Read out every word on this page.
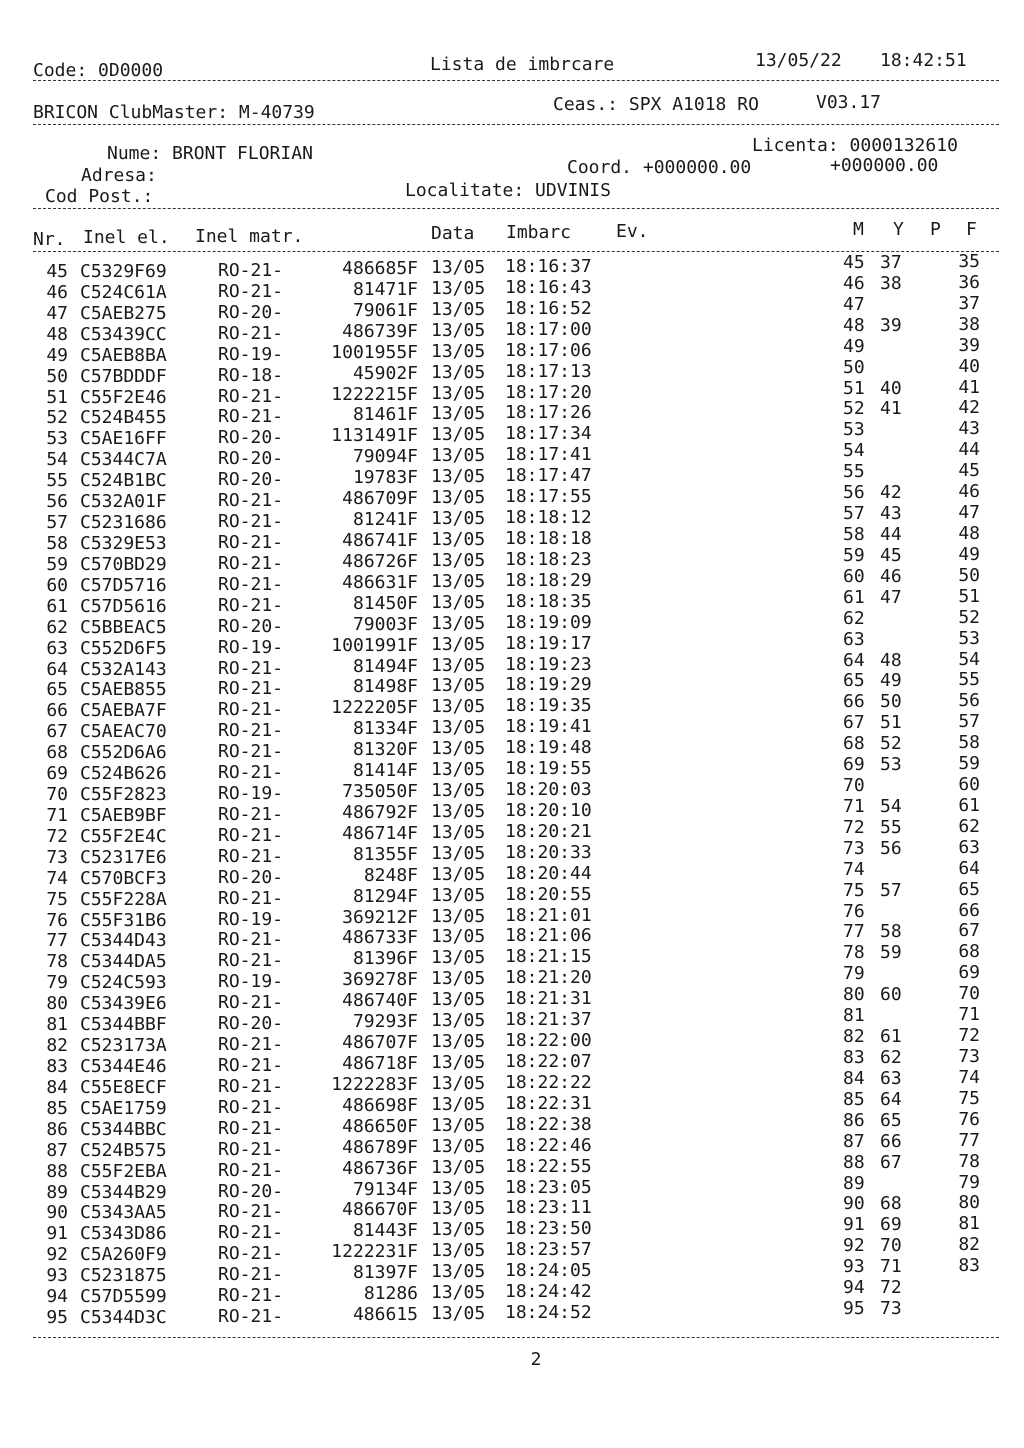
Code: 0D0000	Lista de imbrcare	13/05/22 18:42:51
BRICON ClubMaster: M-40739	Ceas.: SPX A1018 RO	V03.17
Nume: BRONT FLORIAN	Licenta: 0000132610
Adresa:	Coord. +000000.00	+000000.00
Cod Post.:	Localitate: UDVINIS
Nr. Inel el. Inel matr.	Data Imbarc Ev.	M Y P F
45 C5329F69	RO-21-	486685F 13/05 18:16:37	45 37	35
46 C524C61A	RO-21-	81471F 13/05 18:16:43	46 38	36
47 C5AEB275	RO-20-	79061F 13/05 18:16:52	47	37
48 C53439CC	RO-21-	486739F 13/05 18:17:00	48 39	38
49 C5AEB8BA	RO-19-	1001955F 13/05 18:17:06	49	39
50 C57BDDDF	RO-18-	45902F 13/05 18:17:13	50	40
51 C55F2E46	RO-21-	1222215F 13/05 18:17:20	51 40	41
52 C524B455	RO-21-	81461F 13/05 18:17:26	52 41	42
53 C5AE16FF	RO-20-	1131491F 13/05 18:17:34	53	43
54 C5344C7A	RO-20-	79094F 13/05 18:17:41	54	44
55 C524B1BC	RO-20-	19783F 13/05 18:17:47	55	45
56 C532A01F	RO-21-	486709F 13/05 18:17:55	56 42	46
57 C5231686	RO-21-	81241F 13/05 18:18:12	57 43	47
58 C5329E53	RO-21-	486741F 13/05 18:18:18	58 44	48
59 C570BD29	RO-21-	486726F 13/05 18:18:23	59 45	49
60 C57D5716	RO-21-	486631F 13/05 18:18:29	60 46	50
61 C57D5616	RO-21-	81450F 13/05 18:18:35	61 47	51
62 C5BBEAC5	RO-20-	79003F 13/05 18:19:09	62	52
63 C552D6F5	RO-19-	1001991F 13/05 18:19:17	63	53
64 C532A143	RO-21-	81494F 13/05 18:19:23	64 48	54
65 C5AEB855	RO-21-	81498F 13/05 18:19:29	65 49	55
66 C5AEBA7F	RO-21-	1222205F 13/05 18:19:35	66 50	56
67 C5AEAC70	RO-21-	81334F 13/05 18:19:41	67 51	57
68 C552D6A6	RO-21-	81320F 13/05 18:19:48	68 52	58
69 C524B626	RO-21-	81414F 13/05 18:19:55	69 53	59
70 C55F2823	RO-19-	735050F 13/05 18:20:03	70	60
71 C5AEB9BF	RO-21-	486792F 13/05 18:20:10	71 54	61
72 C55F2E4C	RO-21-	486714F 13/05 18:20:21	72 55	62
73 C52317E6	RO-21-	81355F 13/05 18:20:33	73 56	63
74 C570BCF3	RO-20-	8248F 13/05 18:20:44	74	64
75 C55F228A	RO-21-	81294F 13/05 18:20:55	75 57	65
76 C55F31B6	RO-19-	369212F 13/05 18:21:01	76	66
77 C5344D43	RO-21-	486733F 13/05 18:21:06	77 58	67
78 C5344DA5	RO-21-	81396F 13/05 18:21:15	78 59	68
79 C524C593	RO-19-	369278F 13/05 18:21:20	79	69
80 C53439E6	RO-21-	486740F 13/05 18:21:31	80 60	70
81 C5344BBF	RO-20-	79293F 13/05 18:21:37	81	71
82 C523173A	RO-21-	486707F 13/05 18:22:00	82 61	72
83 C5344E46	RO-21-	486718F 13/05 18:22:07	83 62	73
84 C55E8ECF	RO-21-	1222283F 13/05 18:22:22	84 63	74
85 C5AE1759	RO-21-	486698F 13/05 18:22:31	85 64	75
86 C5344BBC	RO-21-	486650F 13/05 18:22:38	86 65	76
87 C524B575	RO-21-	486789F 13/05 18:22:46	87 66	77
88 C55F2EBA	RO-21-	486736F 13/05 18:22:55	88 67	78
89 C5344B29	RO-20-	79134F 13/05 18:23:05	89	79
90 C5343AA5	RO-21-	486670F 13/05 18:23:11	90 68	80
91 C5343D86	RO-21-	81443F 13/05 18:23:50	91 69	81
92 C5A260F9	RO-21-	1222231F 13/05 18:23:57	92 70	82
93 C5231875	RO-21-	81397F 13/05 18:24:05	93 71	83
94 C57D5599	RO-21-	81286 13/05 18:24:42	94 72
95 C5344D3C	RO-21-	486615 13/05 18:24:52	95 73
2
